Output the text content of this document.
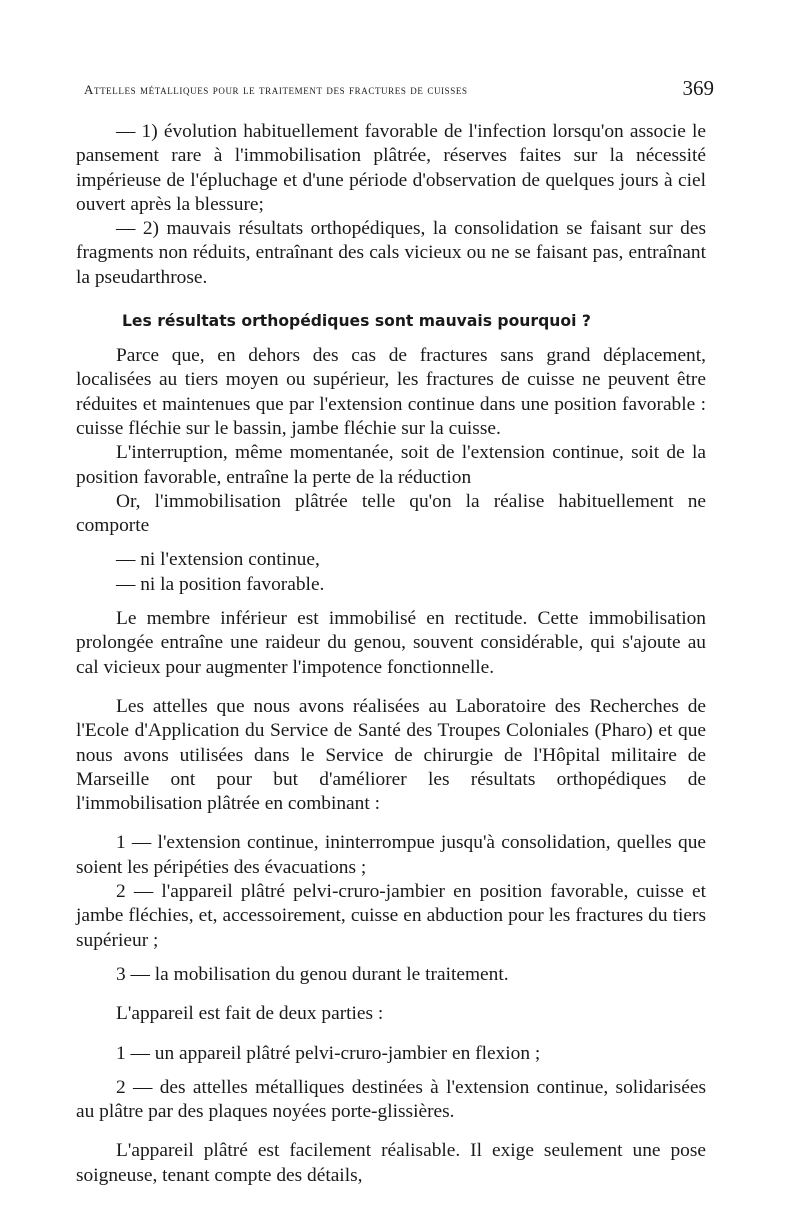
Attelles métalliques pour le traitement des fractures de cuisses	369

— 1) évolution habituellement favorable de l'infection lorsqu'on associe le pansement rare à l'immobilisation plâtrée, réserves faites sur la nécessité impérieuse de l'épluchage et d'une période d'observation de quelques jours à ciel ouvert après la blessure;

— 2) mauvais résultats orthopédiques, la consolidation se faisant sur des fragments non réduits, entraînant des cals vicieux ou ne se faisant pas, entraînant la pseudarthrose.

Les résultats orthopédiques sont mauvais pourquoi ?

Parce que, en dehors des cas de fractures sans grand déplacement, localisées au tiers moyen ou supérieur, les fractures de cuisse ne peuvent être réduites et maintenues que par l'extension continue dans une position favorable : cuisse fléchie sur le bassin, jambe fléchie sur la cuisse.

L'interruption, même momentanée, soit de l'extension continue, soit de la position favorable, entraîne la perte de la réduction

Or, l'immobilisation plâtrée telle qu'on la réalise habituellement ne comporte

— ni l'extension continue,

— ni la position favorable.

Le membre inférieur est immobilisé en rectitude. Cette immobilisation prolongée entraîne une raideur du genou, souvent considérable, qui s'ajoute au cal vicieux pour augmenter l'impotence fonctionnelle.

Les attelles que nous avons réalisées au Laboratoire des Recherches de l'Ecole d'Application du Service de Santé des Troupes Coloniales (Pharo) et que nous avons utilisées dans le Service de chirurgie de l'Hôpital militaire de Marseille ont pour but d'améliorer les résultats orthopédiques de l'immobilisation plâtrée en combinant :

1 — l'extension continue, ininterrompue jusqu'à consolidation, quelles que soient les péripéties des évacuations ;

2 — l'appareil plâtré pelvi-cruro-jambier en position favorable, cuisse et jambe fléchies, et, accessoirement, cuisse en abduction pour les fractures du tiers supérieur ;

3 — la mobilisation du genou durant le traitement.

L'appareil est fait de deux parties :

1 — un appareil plâtré pelvi-cruro-jambier en flexion ;

2 — des attelles métalliques destinées à l'extension continue, solidarisées au plâtre par des plaques noyées porte-glissières.

L'appareil plâtré est facilement réalisable. Il exige seulement une pose soigneuse, tenant compte des détails,
